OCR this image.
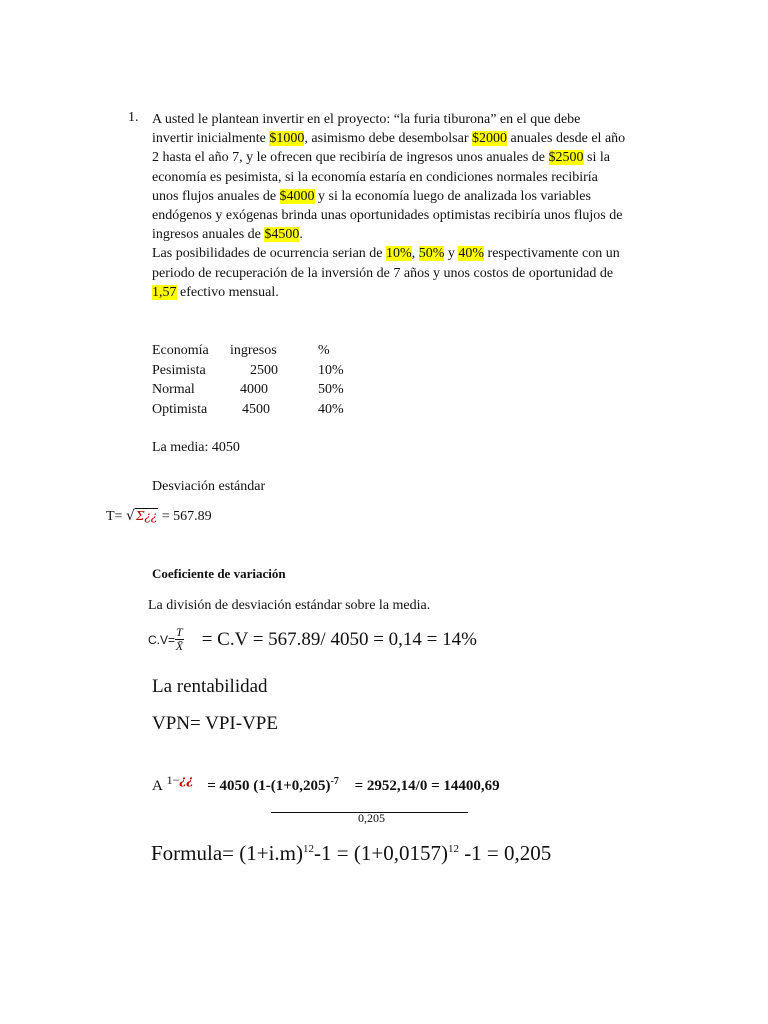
1. A usted le plantean invertir en el proyecto: “la furia tiburona” en el que debe
invertir inicialmente $1000, asimismo debe desembolsar $2000 anuales desde el año
2 hasta el año 7, y le ofrecen que recibiría de ingresos unos anuales de $2500 si la
economía es pesimista, si la economía estaría en condiciones normales recibiría
unos flujos anuales de $4000 y si la economía luego de analizada los variables
endógenos y exógenas brinda unas oportunidades optimistas recibiría unos flujos de
ingresos anuales de $4500.
Las posibilidades de ocurrencia serian de 10%, 50% y 40% respectivamente con un
periodo de recuperación de la inversión de 7 años y unos costos de oportunidad de
1,57 efectivo mensual.
Economía	ingresos	%
Pesimista	2500	10%
Normal	4000	50%
Optimista	4500	40%
La media: 4050
Desviación estándar
T= √Σ¿¿ = 567.89
Coeficiente de variación
La división de desviación estándar sobre la media.
$C.V= \frac{T}{X̄} = C.V = 567.89/$ 4050 = 0,14 = 14%
La rentabilidad
VPN= VPI-VPE
A $^{1-¿¿}$ = 4050 ($1-(1+0,205)^{-7} = 2952,14/0 = 14400,69$
0,205
Formula= $(1+i.m)^{12}-1 = (1+0,0157)^{12}$ -1 = 0,205
